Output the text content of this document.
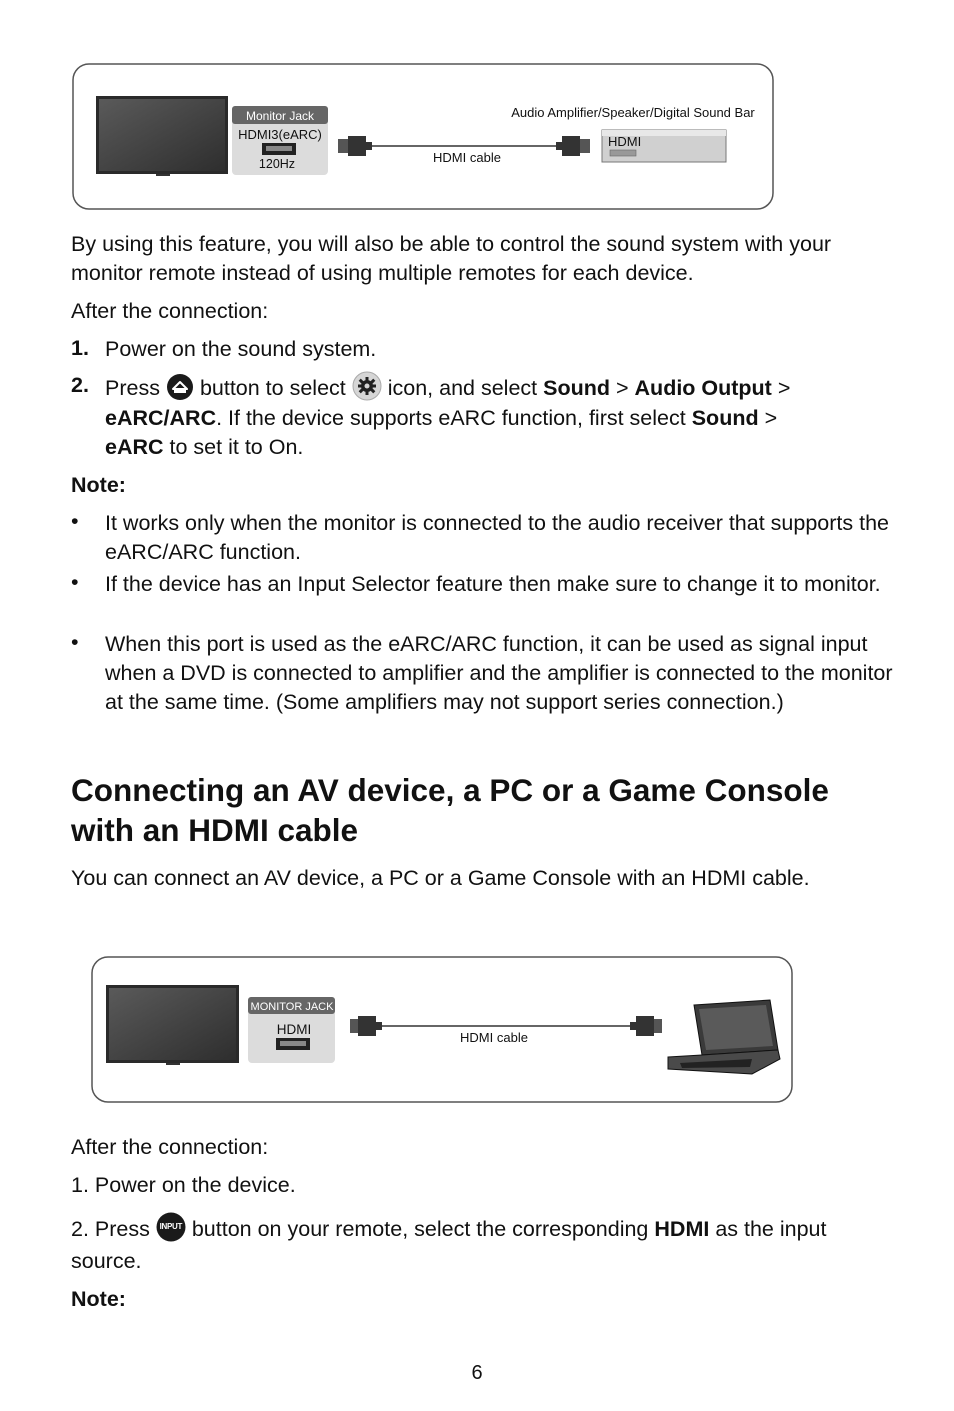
Monitor Jack
HDMI3(eARC)
120Hz	HDMI cable
Audio Amplifier/Speaker/Digital Sound Bar
HDMI
By using this feature, you will also be able to control the sound system with your monitor remote instead of using multiple remotes for each device.
After the connection:
1. Power on the sound system.
2. Press button to select icon, and select Sound > Audio Output >
eARC/ARC. If the device supports eARC function, first select Sound >
eARC to set it to On.
Note:
• It works only when the monitor is connected to the audio receiver that supports the eARC/ARC function.
• If the device has an Input Selector feature then make sure to change it to monitor.
• When this port is used as the eARC/ARC function, it can be used as signal input when a DVD is connected to amplifier and the amplifier is connected to the monitor at the same time. (Some amplifiers may not support series connection.)
Connecting an AV device, a PC or a Game Console with an HDMI cable
You can connect an AV device, a PC or a Game Console with an HDMI cable.
MONITOR JACK
HDMI
HDMI cable
After the connection:
1. Power on the device.
2. Press	INPUT button on your remote, select the corresponding HDMI as the input source.
Note:
6
